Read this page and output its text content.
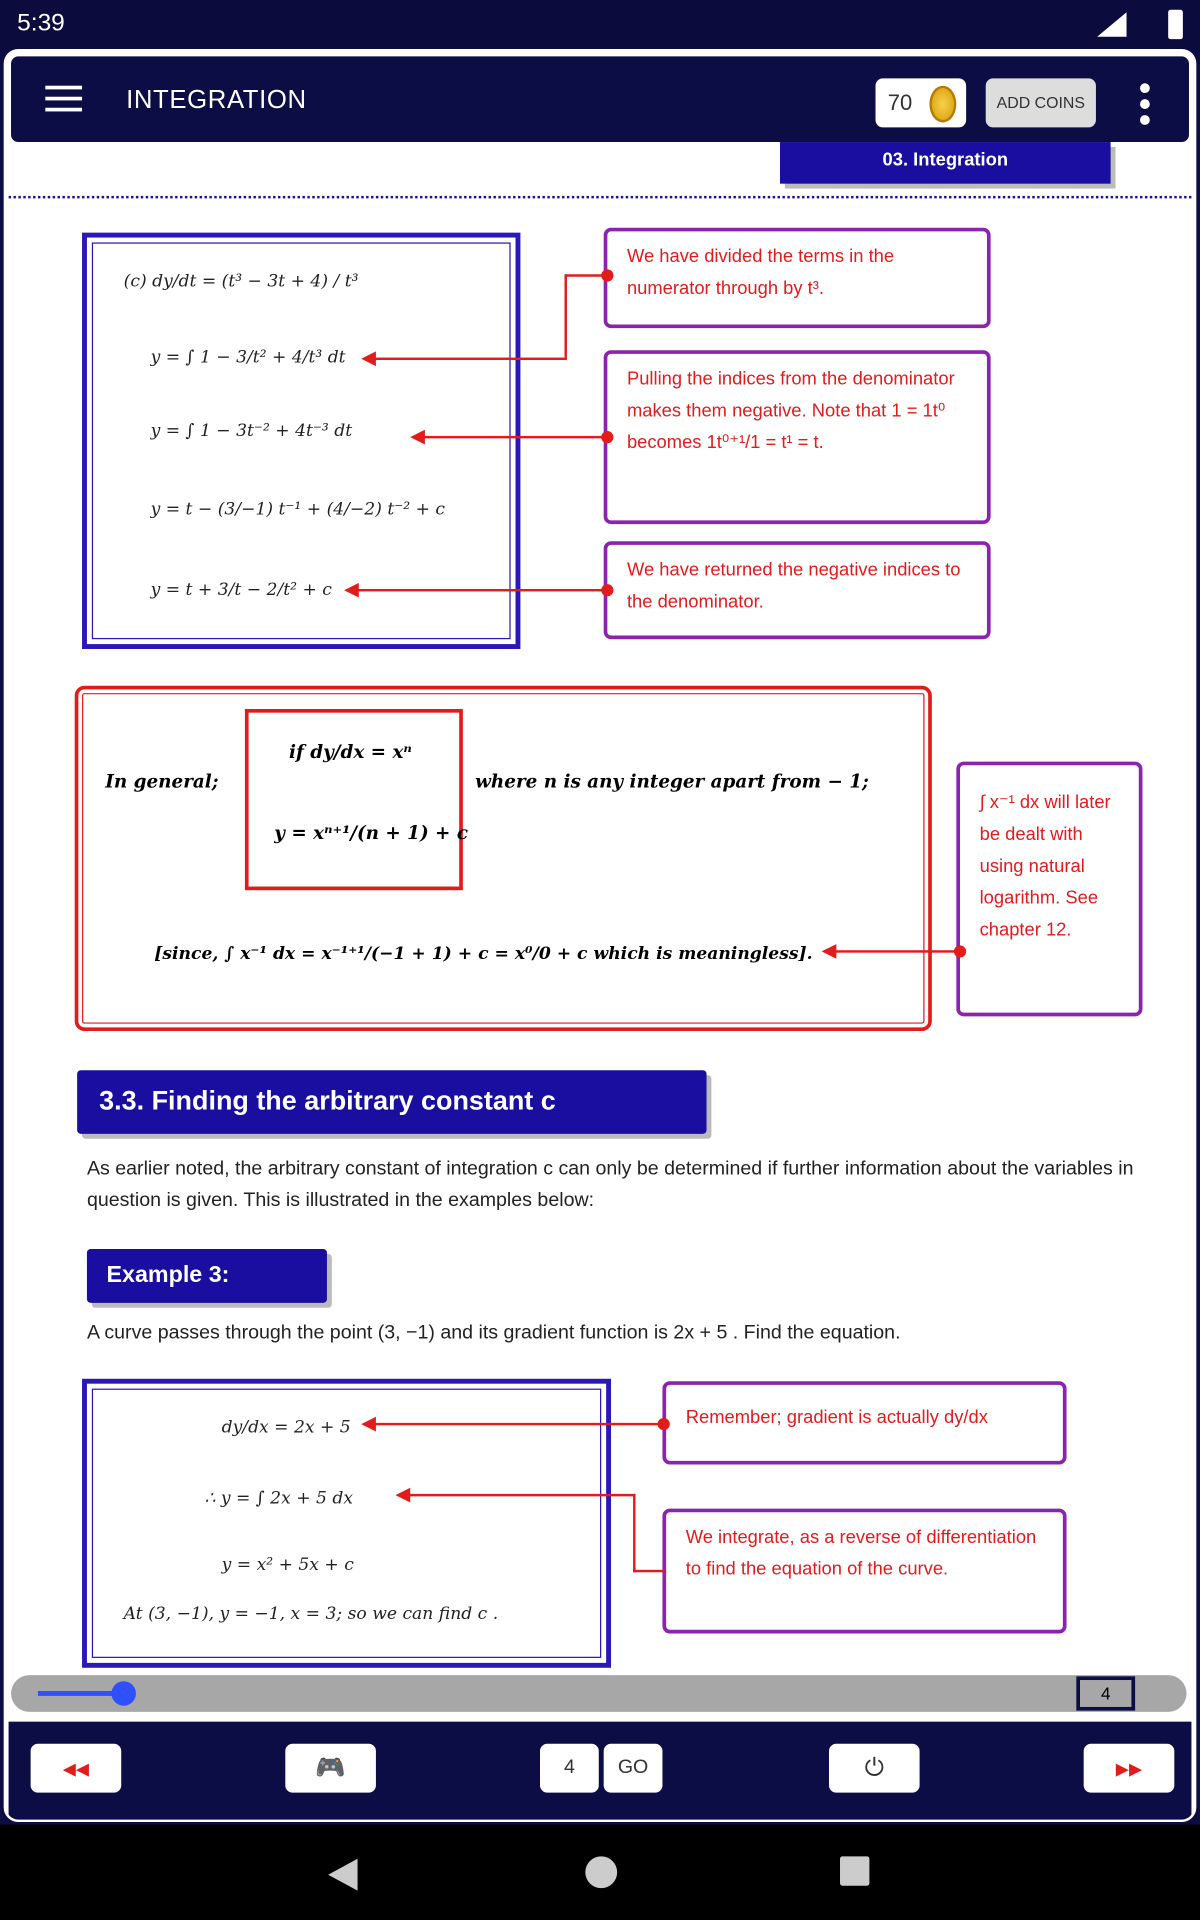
5:39
INTEGRATION	70	ADD COINS
03. Integration
(c) dy/dt = (t³ − 3t + 4) / t³
y = ∫ 1 − 3/t² + 4/t³ dt
y = ∫ 1 − 3t⁻² + 4t⁻³ dt
y = t − (3/−1) t⁻¹ + (4/−2) t⁻² + c
y = t + 3/t − 2/t² + c
We have divided the terms in the numerator through by t³.
Pulling the indices from the denominator makes them negative. Note that 1 = 1t⁰ becomes 1t⁰⁺¹/1 = t¹ = t.
We have returned the negative indices to the denominator.
In general;
if dy/dx = xⁿ
y = xⁿ⁺¹/(n + 1) + c
where n is any integer apart from − 1;
[since, ∫ x⁻¹ dx = x⁻¹⁺¹/(−1 + 1) + c = x⁰/0 + c which is meaningless].
∫ x⁻¹ dx will later be dealt with using natural logarithm. See chapter 12.
3.3. Finding the arbitrary constant c
As earlier noted, the arbitrary constant of integration c can only be determined if further information about the variables in question is given. This is illustrated in the examples below:
Example 3:
A curve passes through the point (3, −1) and its gradient function is 2x + 5 . Find the equation.
dy/dx = 2x + 5
∴ y = ∫ 2x + 5 dx
y = x² + 5x + c
At (3, −1), y = −1, x = 3; so we can find c .
Remember; gradient is actually dy/dx
We integrate, as a reverse of differentiation to find the equation of the curve.
4
◀◀	🎮	4	GO	⏻	▶▶
